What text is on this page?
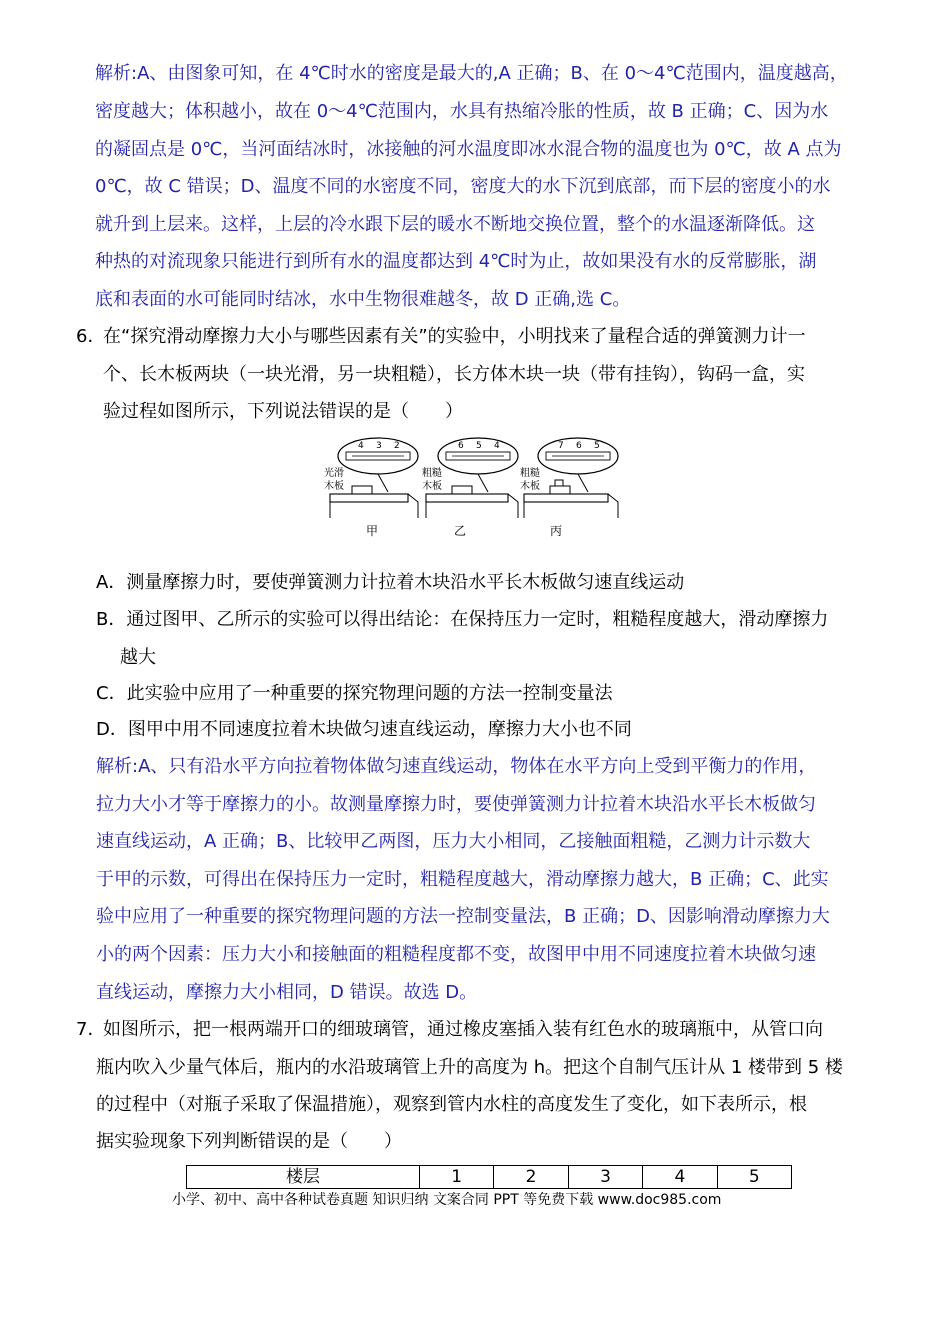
解析:A、由图象可知，在 4℃时水的密度是最大的,A 正确；B、在 0～4℃范围内，温度越高，
密度越大；体积越小，故在 0～4℃范围内，水具有热缩冷胀的性质，故 B 正确；C、因为水
的凝固点是 0℃，当河面结冰时，冰接触的河水温度即冰水混合物的温度也为 0℃，故 A 点为
0℃，故 C 错误；D、温度不同的水密度不同，密度大的水下沉到底部，而下层的密度小的水
就升到上层来。这样，上层的冷水跟下层的暖水不断地交换位置，整个的水温逐渐降低。这
种热的对流现象只能进行到所有水的温度都达到 4℃时为止，故如果没有水的反常膨胀，湖
底和表面的水可能同时结冰，水中生物很难越冬，故 D 正确,选 C。
6．
在“探究滑动摩擦力大小与哪些因素有关”的实验中，小明找来了量程合适的弹簧测力计一
个、长木板两块（一块光滑，另一块粗糙），长方体木块一块（带有挂钩），钩码一盒，实
验过程如图所示，下列说法错误的是（　　）
4 3 2
光滑
木板
甲
6 5 4
粗糙
木板
乙
7 6 5
粗糙
木板
丙
A．测量摩擦力时，要使弹簧测力计拉着木块沿水平长木板做匀速直线运动
B．通过图甲、乙所示的实验可以得出结论：在保持压力一定时，粗糙程度越大，滑动摩擦力
越大
C．此实验中应用了一种重要的探究物理问题的方法一控制变量法
D．图甲中用不同速度拉着木块做匀速直线运动，摩擦力大小也不同
解析:A、只有沿水平方向拉着物体做匀速直线运动，物体在水平方向上受到平衡力的作用，
拉力大小才等于摩擦力的小。故测量摩擦力时，要使弹簧测力计拉着木块沿水平长木板做匀
速直线运动，A 正确；B、比较甲乙两图，压力大小相同，乙接触面粗糙，乙测力计示数大
于甲的示数，可得出在保持压力一定时，粗糙程度越大，滑动摩擦力越大，B 正确；C、此实
验中应用了一种重要的探究物理问题的方法一控制变量法，B 正确；D、因影响滑动摩擦力大
小的两个因素：压力大小和接触面的粗糙程度都不变，故图甲中用不同速度拉着木块做匀速
直线运动，摩擦力大小相同，D 错误。故选 D。
7．
如图所示，把一根两端开口的细玻璃管，通过橡皮塞插入装有红色水的玻璃瓶中，从管口向
瓶内吹入少量气体后，瓶内的水沿玻璃管上升的高度为 h。把这个自制气压计从 1 楼带到 5 楼
的过程中（对瓶子采取了保温措施），观察到管内水柱的高度发生了变化，如下表所示，根
据实验现象下列判断错误的是（　　）
楼层	1	2	3	4	5
小学、初中、高中各种试卷真题 知识归纳 文案合同 PPT 等免费下载 www.doc985.com
